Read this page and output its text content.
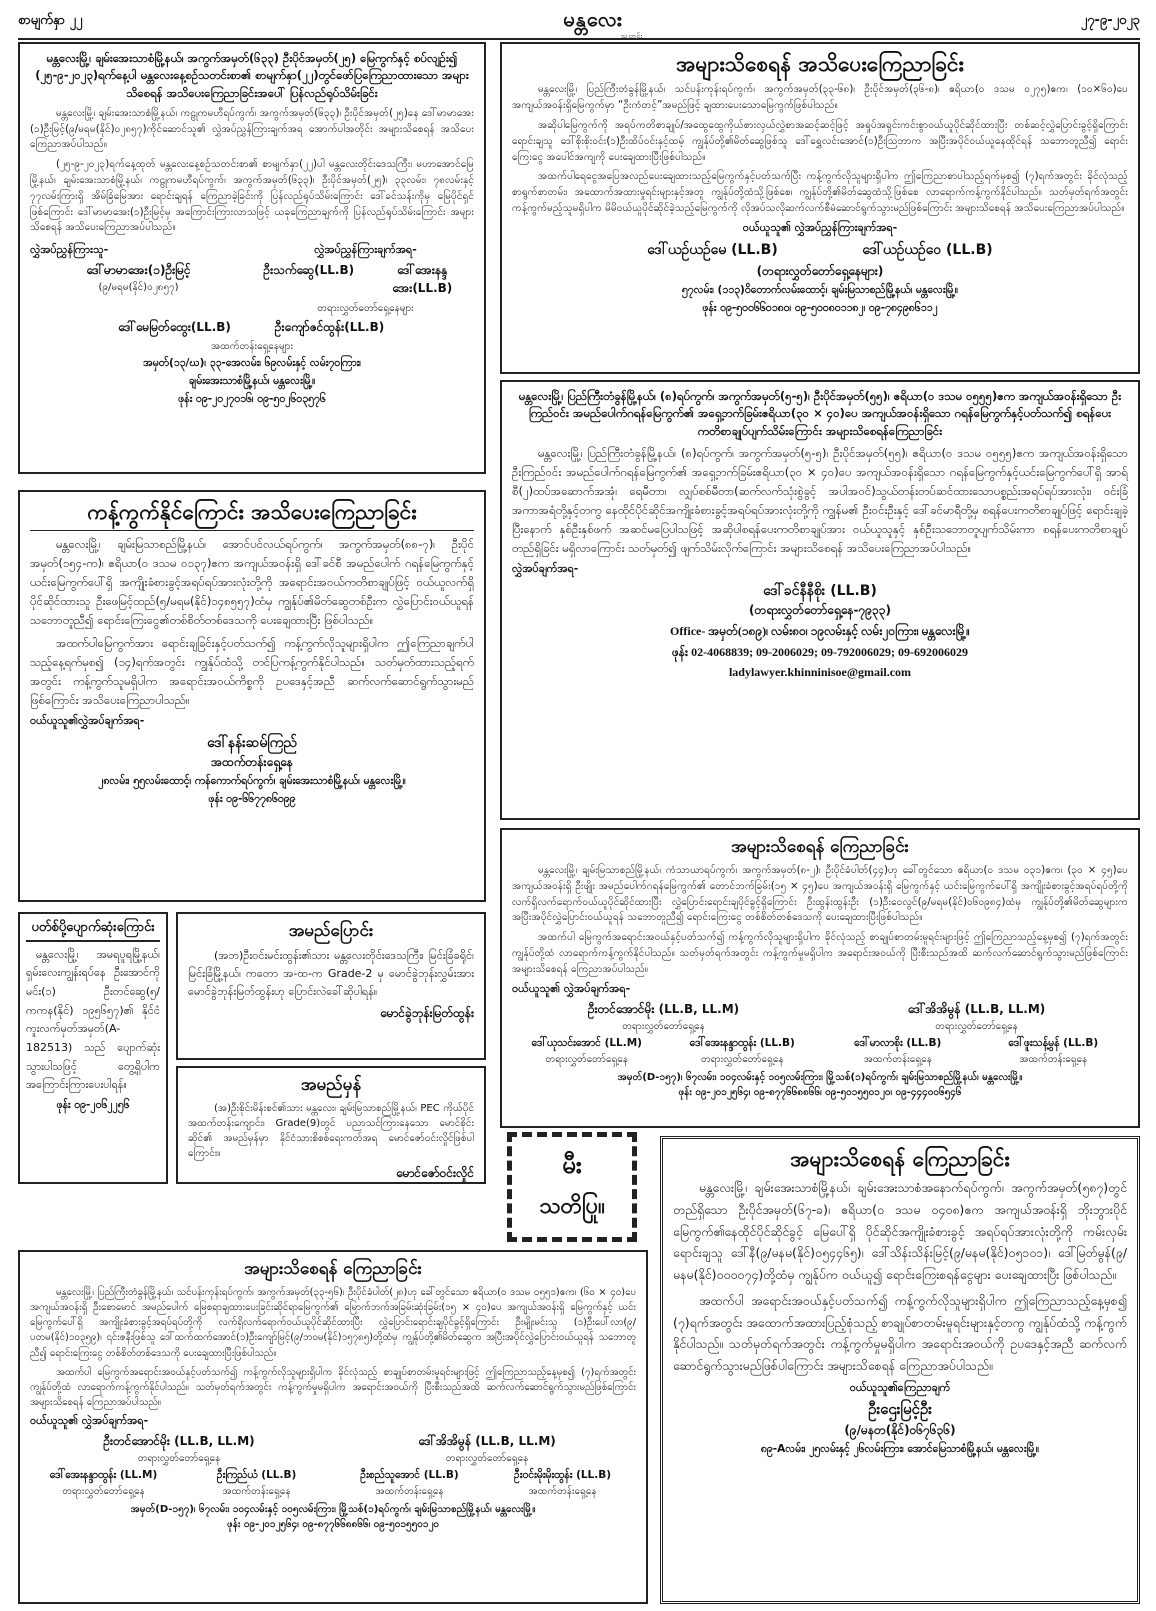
စာမျက်နှာ ၂၂	မန္တလေး
သတင်း
၂၇-၉-၂၀၂၃
မန္တလေးမြို့၊ ချမ်းအေးသာစံမြို့နယ်၊ အကွက်အမှတ်(၆၃၃) ဦးပိုင်အမှတ်(၂၅) မြေကွက်နှင့် စပ်လျဉ်း၍ (၂၅-၉-၂၀၂၃)ရက်နေ့ပါ မန္တလေးနေ့စဉ်သတင်းစာ၏ စာမျက်နှာ(၂၂)တွင်ဖော်ပြကြေညာထားသော အများသိစေရန် အသိပေးကြေညာခြင်းအပေါ် ပြန်လည်ရုပ်သိမ်းခြင်း
မန္တလေးမြို့၊ ချမ်းအေးသာစံမြို့နယ်၊ ကဠုကမဟီရပ်ကွက်၊ အကွက်အမှတ်(၆၃၃)၊ ဦးပိုင်အမှတ်(၂၅)နေ ဒေါ်မာမာအေး (၁)ဦးမြင့်(၉/မရမ(နိုင်)၀၂၈၅၇)ကိုင်ဆောင်သူ၏ လွှဲအပ်ညွှန်ကြားချက်အရ အောက်ပါအတိုင်း အများသိစေရန် အသိပေးကြေညာအပ်ပါသည်။
(၂၅-၉-၂၀၂၃)ရက်နေ့ထုတ် မန္တလေးနေ့စဉ်သတင်းစာ၏ စာမျက်နှာ(၂၂)ပါ မန္တလေးတိုင်းဒေသကြီး၊ မဟာအောင်မြေမြို့နယ်၊ ချမ်းအေးသာစံမြို့နယ်၊ ကဠုကမဟီရပ်ကွက်၊ အကွက်အမှတ်(၆၃၃)၊ ဦးပိုင်အမှတ်(၂၅)၊ ၃၃လမ်း၊ ၇၈လမ်းနှင့် ၇၇လမ်းကြားရှိ အိမ်ခြံမြေအား ရောင်းချရန် ကြေညာခဲ့ခြင်းကို ပြန်လည်ရုပ်သိမ်းကြောင်း ဒေါ်ခင်သန်းကိုမှ မြေပိုင်ရှင်ဖြစ်ကြောင်း ဒေါ်မာမာအေး(၁)ဦးမြင့်မှ အကြောင်းကြားလာသဖြင့် ယခုကြေညာချက်ကို ပြန်လည်ရုပ်သိမ်းကြောင်း အများသိစေရန် အသိပေးကြေညာအပ်ပါသည်။
လွှဲအပ်ညွှန်ကြားသူ-
ဒေါ်မာမာအေး(၁)ဦးမြင့်
(၉/မရမ(နိုင်)၀၂၈၅၇)
လွှဲအပ်ညွှန်ကြားချက်အရ-
ဦးသက်ဆွေ(LL.B)	ဒေါ်အေးနန္ဒအေး(LL.B)
တရားလွှတ်တော်ရှေ့နေများ
ဒေါ်မေမြတ်ထွေး(LL.B)	ဦးကျော်ဇင်ထွန်း(LL.B)
အထက်တန်းရှေ့နေများ
အမှတ်(၁၃/ဃ)၊ ၃၃-အေလမ်း၊ ၆၉လမ်းနှင့် လမ်း၇၀ကြား၊
ချမ်းအေးသာစံမြို့နယ်၊ မန္တလေးမြို့။
ဖုန်း ၀၉-၂၀၂၇၀၁၆၊ ၀၉-၅၀၂၆၀၃၅၇၆
အများသိစေရန် အသိပေးကြေညာခြင်း
မန္တလေးမြို့၊ ပြည်ကြီးတံခွန်မြို့နယ်၊ သင်ပန်းကုန်းရပ်ကွက်၊ အကွက်အမှတ်(၃၃-၆၈)၊ ဦးပိုင်အမှတ်(၃၆-၈)၊ ဧရိယာ(၀ ဒသမ ၀၂၇၅)ဧက၊ (၁၀×၆၀)ပေ အကျယ်အဝန်းရှိမြေကွက်မှာ “ဦးကံတင့်”အမည်ဖြင့် ချထားပေးသောမြေကွက်ဖြစ်ပါသည်။
အဆိုပါမြေကွက်ကို အရပ်ကတိစာချုပ်/အထွေထွေကိုယ်စားလှယ်လွှဲစာအဆင့်ဆင့်ဖြင့် အရှုပ်အရှင်းကင်းစွာဝယ်ယူပိုင်ဆိုင်ထားပြီး တစ်ဆင့်လွှဲပြောင်းခွင့်ရှိကြောင်း ရောင်းချသူ ဒေါ်စိုးစိုးဝင်း(၁)ဦးထိပ်ဝင်းနှင့်ထမ့် ကျွန်ုပ်တို့၏မိတ်ဆွေဖြစ်သူ ဒေါ်ရွှေလင်းအောင်(၁)ဦးသြဘာက အပြီးအပိုင်ဝယ်ယူနေထိုင်ရန် သဘောတူညီ၍ ရောင်းကြေးငွေ အပေါင်အကျကို ပေးချေထားပြီးဖြစ်ပါသည်။
အထက်ပါရေငွေအပြေအလည်ပေးချေထားသည့်မြေကွက်နှင့်ပတ်သက်ပြီး ကန့်ကွက်လိုသူများရှိပါက ဤကြေညာစာပါသည့်ရက်မှစ၍ (၇)ရက်အတွင်း ခိုင်လုံသည့်စာရွက်စာတမ်း၊ အထောက်အထားမှုရင်းများနှင့်အတူ ကျွန်ုပ်တို့ထံသို့ဖြစ်စေ၊ ကျွန်ုပ်တို့၏မိတ်ဆွေထံသို့ဖြစ်စေ လာရောက်ကန့်ကွက်နိုင်ပါသည်။ သတ်မှတ်ရက်အတွင်း ကန့်ကွက်မည့်သူမရှိပါက မိမိဝယ်ယူပိုင်ဆိုင်ခဲ့သည့်မြေကွက်ကို လိုအပ်သလိုဆက်လက်စီမံဆောင်ရွက်သွားမည်ဖြစ်ကြောင်း အများသိစေရန် အသိပေးကြေညာအပ်ပါသည်။
ဝယ်ယူသူ၏ လွှဲအပ်ညွှန်ကြားချက်အရ-
ဒေါ်ယဉ်ယဉ်မေ (LL.B)	ဒေါ်ယဉ်ယဉ်ဝေ (LL.B)
(တရားလွှတ်တော်ရှေ့နေများ)
၅၇လမ်း၊ (၁၁၃)ဝိတောက်လမ်းထောင့်၊ ချမ်းမြသာစည်မြို့နယ်၊ မန္တလေးမြို့။
ဖုန်း ၀၉-၅၀၀၆၆၀၁၈၀၊ ၀၉-၅၀၀၈၀၁၁၈၂၊ ၀၉-၇၈၄၉၈၆၁၁၂
မန္တလေးမြို့၊ ပြည်ကြီးတံခွန်မြို့နယ်၊ (၈)ရပ်ကွက်၊ အကွက်အမှတ်(၅-၅)၊ ဦးပိုင်အမှတ်(၅၅)၊ ဧရိယာ(၀ ဒသမ ၀၅၅၅)ဧက အကျယ်အဝန်းရှိသော ဦးကြည်ဝင်း အမည်ပေါက်ဂရန်မြေကွက်၏ အရှေ့ဘက်ခြမ်းဧရိယာ(၃၀ × ၄၀)ပေ အကျယ်အဝန်းရှိသော ဂရန်မြေကွက်နှင့်ပတ်သက်၍ စရန်ပေးကတိစာချုပ်ပျက်သိမ်းကြောင်း အများသိစေရန်ကြေညာခြင်း
မန္တလေးမြို့၊ ပြည်ကြီးတံခွန်မြို့နယ်၊ (၈)ရပ်ကွက်၊ အကွက်အမှတ်(၅-၅)၊ ဦးပိုင်အမှတ်(၅၅)၊ ဧရိယာ(၀ ဒသမ ၀၅၅၅)ဧက အကျယ်အဝန်းရှိသော ဦးကြည်ဝင်း အမည်ပေါက်ဂရန်မြေကွက်၏ အရှေ့ဘက်ခြမ်းဧရိယာ(၃၀ × ၄၀)ပေ အကျယ်အဝန်းရှိသော ဂရန်မြေကွက်နှင့်ယင်းမြေကွက်ပေါ်ရှိ အာရ်စီ(၂)ထပ်အဆောက်အအုံ၊ ရေမီတာ၊ လျှပ်စစ်မီတာ(ဆက်လက်သုံးစွဲခွင့် အပါအဝင်)သွယ်တန်းတပ်ဆင်ထားသောပစ္စည်းအရပ်ရပ်အားလုံး၊ ဝင်းခြံအကာအရံတို့နှင့်တကွ နေထိုင်ပိုင်ဆိုင်အကျိုးခံစားခွင့်အရပ်ရပ်အားလုံးတို့ကို ကျွန်မ၏ ဦးဝင်းဦးနှင့် ဒေါ်ခင်မာရီတို့မှ စရန်ပေးကတိစာချုပ်ဖြင့် ရောင်းချခဲ့ပြီးနောက် နှစ်ဦးနှစ်ဖက် အဆင်မပြေပါသဖြင့် အဆိုပါစရန်ပေးကတိစာချုပ်အား ဝယ်ယူသူနှင့် နှစ်ဦးသဘောတူပျက်သိမ်းကာ စရန်ပေးကတိစာချုပ်တည်ရှိခြင်း မရှိလာကြောင်း သတ်မှတ်၍ ဖျက်သိမ်းလိုက်ကြောင်း အများသိစေရန် အသိပေးကြေညာအပ်ပါသည်။
လွှဲအပ်ချက်အရ-
ဒေါ်ခင်နီနီစိုး (LL.B)
(တရားလွှတ်တော်ရှေ့နေ-၇၉၃၃)
Office- အမှတ်(၁၈၉)၊ လမ်း၈၀၊ ၁၉လမ်းနှင့် လမ်း၂၀ကြား၊ မန္တလေးမြို့။
ဖုန်း 02-4068839; 09-2006029; 09-792006029; 09-692006029
ladylawyer.khinninisoe@gmail.com
ကန့်ကွက်နိုင်ကြောင်း အသိပေးကြေညာခြင်း
မန္တလေးမြို့၊ ချမ်းမြသာစည်မြို့နယ်၊ အောင်ပင်လယ်ရပ်ကွက်၊ အကွက်အမှတ်(၈၈-၇)၊ ဦးပိုင်အမှတ်(၁၅၄-က)၊ ဧရိယာ(၀ ဒသမ ၀၁၃၇)ဧက အကျယ်အဝန်းရှိ ဒေါ်ခင်စီ အမည်ပေါက် ဂရန်မြေကွက်နှင့် ယင်းမြေကွက်ပေါ်ရှိ အကျိုးခံစားခွင့်အရပ်ရပ်အားလုံးတို့ကို အရောင်းအဝယ်ကတိစာချုပ်ဖြင့် ဝယ်ယူလက်ရှိပိုင်ဆိုင်ထားသူ ဦးဖေမြင့်ထည်(၅/မရမ(နိုင်)၁၄၈၅၅၇)ထံမှ ကျွန်ုပ်၏မိတ်ဆွေတစ်ဦးက လွှဲပြောင်းဝယ်ယူရန်သဘောတူညီ၍ ရောင်းကြေးငွေ၏တစ်စိတ်တစ်ဒေသကို ပေးချေထားပြီး ဖြစ်ပါသည်။
အထက်ပါမြေကွက်အား ရောင်းချခြင်းနှင့်ပတ်သက်၍ ကန့်ကွက်လိုသူများရှိပါက ဤကြေညာချက်ပါသည့်နေ့ရက်မှစ၍ (၁၄)ရက်အတွင်း ကျွန်ုပ်ထံသို့ တင်ပြကန့်ကွက်နိုင်ပါသည်။ သတ်မှတ်ထားသည့်ရက်အတွင်း ကန့်ကွက်သူမရှိပါက အရောင်းအဝယ်ကိစ္စကို ဥပဒေနှင့်အညီ ဆက်လက်ဆောင်ရွက်သွားမည်ဖြစ်ကြောင်း အသိပေးကြေညာပါသည်။
ဝယ်ယူသူ၏လွှဲအပ်ချက်အရ-
ဒေါ်နန်းဆမ်ကြည်
အထက်တန်းရှေ့နေ
၂၈လမ်း၊ ၅၅လမ်းထောင့်၊ ကန်ကောက်ရပ်ကွက်၊ ချမ်းအေးသာစံမြို့နယ်၊ မန္တလေးမြို့။
ဖုန်း ၀၉-၆၆၇၇၈၆၀၉၉
အများသိစေရန် ကြေညာခြင်း
မန္တလေးမြို့၊ ချမ်းမြသာစည်မြို့နယ်၊ ကံသာယာရပ်ကွက်၊ အကွက်အမှတ်(၈-၂)၊ ဦးပိုင်ခံပါတ်(၄၄)ဟု ခေါ်တွင်သော ဧရိယာ(၀ ဒသမ ၀၃၁)ဧက၊ (၃၀ × ၄၅)ပေ အကျယ်အဝန်းရှိ ဦးဖျိုး အမည်ပေါက်ဂရန်မြေကွက်၏ တောင်ဘက်ခြမ်း(၁၅ × ၄၅)ပေ အကျယ်အဝန်းရှိ မြေကွက်နှင့် ယင်းမြေကွက်ပေါ်ရှိ အကျိုးခံစားခွင့်အရပ်ရပ်တို့ကို လက်ရှိလက်ရောက်ဝယ်ယူပိုင်ဆိုင်ထားပြီး လွှဲပြောင်းရောင်းချပိုင်ခွင့်ရှိကြောင်း ဦးထွန်းထွန်းဦး (၁)ဦးဝေလွင်(၉/မရမ(နိုင်)၀၆၀၉၈၄)ထံမှ ကျွန်ုပ်တို့၏မိတ်ဆွေများက အပြီးအပိုင်လွှဲပြောင်းဝယ်ယူရန် သဘောတူညီ၍ ရောင်းကြေးငွေ တစ်စိတ်တစ်ဒေသကို ပေးချေထားပြီးဖြစ်ပါသည်။
အထက်ပါ မြေကွက်အရောင်းအဝယ်နှင့်ပတ်သက်၍ ကန့်ကွက်လိုသူများရှိပါက ခိုင်လုံသည့် စာချုပ်စာတမ်းမူရင်းများဖြင့် ဤကြေညာသည့်နေ့မှစ၍ (၇)ရက်အတွင်း ကျွန်ုပ်တို့ထံ လာရောက်ကန့်ကွက်နိုင်ပါသည်။ သတ်မှတ်ရက်အတွင်း ကန့်ကွက်မှုမရှိပါက အရောင်းအဝယ်ကို ပြီးစီးသည်အထိ ဆက်လက်ဆောင်ရွက်သွားမည်ဖြစ်ကြောင်း အများသိစေရန် ကြေညာအပ်ပါသည်။
ဝယ်ယူသူ၏ လွှဲအပ်ချက်အရ-
ဦးတင်အောင်မိုး (LL.B, LL.M)
တရားလွှတ်တော်ရှေ့နေ
ဒေါ်အိအိမွန် (LL.B, LL.M)
တရားလွှတ်တော်ရှေ့နေ
ဒေါ်ယုသင်းအောင် (LL.M)
တရားလွှတ်တော်ရှေ့နေ
ဒေါ်အေးနန္ဒာထွန်း (LL.B)
တရားလွှတ်တော်ရှေ့နေ
ဒေါ်မာလာစိုး (LL.B)
အထက်တန်းရှေ့နေ
ဒေါ်ဖူးသန့်မွန် (LL.B)
အထက်တန်းရှေ့နေ
အမှတ်(D-၁၅၇)၊ ၆၇လမ်း၊ ၁၀၄လမ်းနှင့် ၁၀၅လမ်းကြား၊ မြို့သစ်(၁)ရပ်ကွက်၊ ချမ်းမြသာစည်မြို့နယ်၊ မန္တလေးမြို့။
ဖုန်း ၀၉-၂၀၁၂၅၆၄၊ ၀၉-၈၇၇၆၆၈၈၆၆၊ ၀၉-၅၀၁၅၅၀၁၂၀၊ ၀၉-၄၄၄၀၀၆၅၄၆
ပတ်စ်ပို့ပျောက်ဆုံးကြောင်း
မန္တလေးမြို့၊ အမရပူရမြို့နယ်၊ ရှမ်းလေးကျွန်းရပ်နေ ဦးအောင်ကိုမင်း(၁) ဦးတင်ဆွေ(၅/ကကန(နိုင်) ၁၉၅၆၅၇)၏ နိုင်ငံကူးလက်မှတ်အမှတ်(A-182513) သည် ပျောက်ဆုံးသွားပါသဖြင့် တွေ့ရှိပါကအကြောင်းကြားပေးပါရန်။
ဖုန်း ၀၉-၂၀၆၂၂၅၆
အမည်ပြောင်း
(အဘ)ဦးဝင်းမင်းထွန်း၏သား မန္တလေးတိုင်းဒေသကြီး၊ မြင်းခြံခရိုင်၊ မြင်းခြံမြို့နယ်၊ ကတော အ-ထ-က Grade-2 မှ မောင်ခွဲဘုန်းလွှမ်းအား မောင်ခွဲဘုန်းမြတ်ထွန်းဟု ပြောင်းလဲခေါ်ဆိုပါရန်။
မောင်ခွဲဘုန်းမြတ်ထွန်း
အမည်မှန်
(အ)ဦးစိုင်းမိန်းစင်၏သား မန္တလေး၊ ချမ်းမြသာစည်မြို့နယ်၊ PEC ကိုယ်ပိုင်အထက်တန်းကျောင်း၊ Grade(9)တွင် ပညာသင်ကြားနေသော မောင်စိုင်းဆိုင်၏ အမည်မှန်မှာ နိုင်ငံသားစိစစ်ရေးကတ်အရ မောင်ဇော်ဝင်းလှိုင်ဖြစ်ပါကြောင်း။
မောင်ဇော်ဝင်းလှိုင်	မီး
သတိပြု။
အများသိစေရန် ကြေညာခြင်း
မန္တလေးမြို့၊ ချမ်းအေးသာစံမြို့နယ်၊ ချမ်းအေးသာစံအနောက်ရပ်ကွက်၊ အကွက်အမှတ်(၅၈၇)တွင် တည်ရှိသော ဦးပိုင်အမှတ်(၆၇-ခ)၊ ဧရိယာ(၀ ဒသမ ၀၄၀၈)ဧက အကျယ်အဝန်းရှိ ဘိုးဘွားပိုင်မြေကွက်၏နေထိုင်ပိုင်ဆိုင်ခွင့် မြေပေါ်ရှိ ပိုင်ဆိုင်အကျိုးခံစားခွင့် အရပ်ရပ်အားလုံးတို့ကို ကမ်းလှမ်းရောင်းချသူ ဒေါ်နီ(၉/မနမ(နိုင်)၀၅၄၄၆၅)၊ ဒေါ်သိန်းသိန်းမြင့်(၉/မနမ(နိုင်)၀၅၁၀၁)၊ ဒေါ်မြတ်မွန်(၉/မနမ(နိုင်)၀၀၀၀၇၄)တို့ထံမှ ကျွန်ုပ်က ဝယ်ယူ၍ ရောင်းကြေးစရန်ငွေများ ပေးချေထားပြီး ဖြစ်ပါသည်။
အထက်ပါ အရောင်းအဝယ်နှင့်ပတ်သက်၍ ကန့်ကွက်လိုသူများရှိပါက ဤကြေညာသည့်နေ့မှစ၍ (၇)ရက်အတွင်း အထောက်အထားပြည့်စုံသည့် စာချုပ်စာတမ်းမူရင်းများနှင့်တကွ ကျွန်ုပ်ထံသို့ ကန့်ကွက်နိုင်ပါသည်။ သတ်မှတ်ရက်အတွင်း ကန့်ကွက်မှုမရှိပါက အရောင်းအဝယ်ကို ဥပဒေနှင့်အညီ ဆက်လက်ဆောင်ရွက်သွားမည်ဖြစ်ပါကြောင်း အများသိစေရန် ကြေညာအပ်ပါသည်။
ဝယ်ယူသူ၏ကြေညာချက်
ဦးဌေးမြင့်ဦး
(၉/မနတ(နိုင်)၀၆၇၆၃၆)
၈၉-Aလမ်း၊ ၂၅လမ်းနှင့် ၂၆လမ်းကြား၊ အောင်မြေသာစံမြို့နယ်၊ မန္တလေးမြို့။
အများသိစေရန် ကြေညာခြင်း
မန္တလေးမြို့၊ ပြည်ကြီးတံခွန်မြို့နယ်၊ သင်ပန်းကုန်းရပ်ကွက်၊ အကွက်အမှတ်(၃၃-၅၆)၊ ဦးပိုင်ခံပါတ်(၂၈)ဟု ခေါ်တွင်သော ဧရိယာ(၀ ဒသမ ၀၅၅၁)ဧက၊ (၆၀ × ၄၀)ပေ အကျယ်အဝန်းရှိ ဦးစောမောင် အမည်ပေါက် မြေစရာချထားပေးခြင်းဆိုင်ရာမြေကွက်၏ မြောက်ဘက်အခြမ်းဆုံးခြမ်း(၁၅ × ၄၀)ပေ အကျယ်အဝန်းရှိ မြေကွက်နှင့် ယင်းမြေကွက်ပေါ်ရှိ အကျိုးခံစားခွင့်အရပ်ရပ်တို့ကို လက်ရှိလက်ရောက်ဝယ်ယူပိုင်ဆိုင်ထားပြီး လွှဲပြောင်းရောင်းချပိုင်ခွင့်ရှိကြောင်း ဦးမျိုးမင်းသူ (၁)ဦးပေါ်လာ(၉/ပတမ(နိုင်)၁၀၃၅၉)၊ ၎င်းဇနီးဖြစ်သူ ဒေါ်ထက်ထက်အောင်(၁)ဦးကျော်မြင့်(၉/ဘဝမ(နိုင်)၁၅၇၈၅)တို့ထံမှ ကျွန်ုပ်တို့၏မိတ်ဆွေက အပြီးအပိုင်လွှဲပြောင်းဝယ်ယူရန် သဘောတူညီ၍ ရောင်းကြေးငွေ တစ်စိတ်တစ်ဒေသကို ပေးချေထားပြီးဖြစ်ပါသည်။
အထက်ပါ မြေကွက်အရောင်းအဝယ်နှင့်ပတ်သက်၍ ကန့်ကွက်လိုသူများရှိပါက ခိုင်လုံသည့် စာချုပ်စာတမ်းမူရင်းများဖြင့် ဤကြေညာသည့်နေ့မှစ၍ (၇)ရက်အတွင်း ကျွန်ုပ်တို့ထံ လာရောက်ကန့်ကွက်နိုင်ပါသည်။ သတ်မှတ်ရက်အတွင်း ကန့်ကွက်မှုမရှိပါက အရောင်းအဝယ်ကို ပြီးစီးသည်အထိ ဆက်လက်ဆောင်ရွက်သွားမည်ဖြစ်ကြောင်း အများသိစေရန် ကြေညာအပ်ပါသည်။
ဝယ်ယူသူ၏ လွှဲအပ်ချက်အရ-
ဦးတင်အောင်မိုး (LL.B, LL.M)
တရားလွှတ်တော်ရှေ့နေ
ဒေါ်အိအိမွန် (LL.B, LL.M)
တရားလွှတ်တော်ရှေ့နေ
ဒေါ်အေးနန္ဒာထွန်း (LL.M)
တရားလွှတ်တော်ရှေ့နေ
ဦးကြည်ယံ (LL.B)
အထက်တန်းရှေ့နေ
ဦးစည်သူအောင် (LL.B)
အထက်တန်းရှေ့နေ
ဦးဝင်းမိုးမိုးထွန်း (LL.B)
အထက်တန်းရှေ့နေ
အမှတ်(D-၁၅၇)၊ ၆၇လမ်း၊ ၁၀၄လမ်းနှင့် ၁၀၅လမ်းကြား၊ မြို့သစ်(၁)ရပ်ကွက်၊ ချမ်းမြသာစည်မြို့နယ်၊ မန္တလေးမြို့။
ဖုန်း ၀၉-၂၀၁၂၅၆၄၊ ၀၉-၈၇၇၆၆၈၈၆၆၊ ၀၉-၅၀၁၅၅၀၁၂၀
